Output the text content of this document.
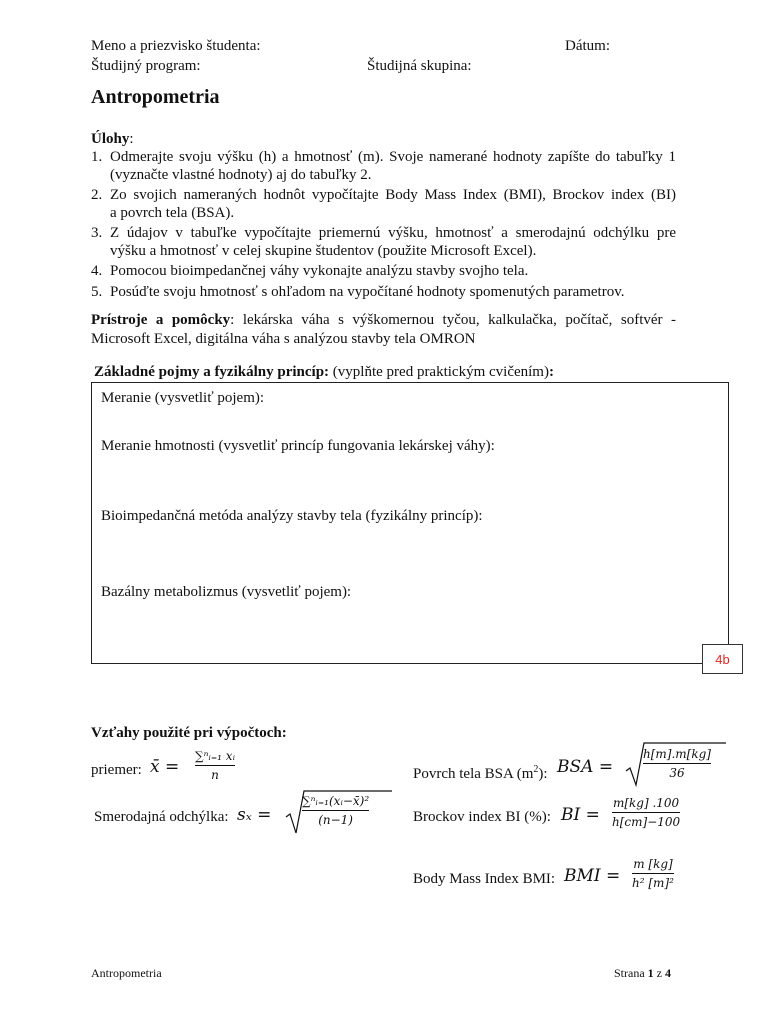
Meno a priezvisko študenta:	Dátum:
Študijný program:	Študijná skupina:
Antropometria
Úlohy:
1. Odmerajte svoju výšku (h) a hmotnosť (m). Svoje namerané hodnoty zapíšte do tabuľky 1
(vyznačte vlastné hodnoty) aj do tabuľky 2.
2. Zo svojich nameraných hodnôt vypočítajte Body Mass Index (BMI), Brockov index (BI)
a povrch tela (BSA).
3. Z údajov v tabuľke vypočítajte priemernú výšku, hmotnosť a smerodajnú odchýlku pre
výšku a hmotnosť v celej skupine študentov (použite Microsoft Excel).
4. Pomocou bioimpedančnej váhy vykonajte analýzu stavby svojho tela.
5. Posúďte svoju hmotnosť s ohľadom na vypočítané hodnoty spomenutých parametrov.
Prístroje a pomôcky: lekárska váha s výškomernou tyčou, kalkulačka, počítač, softvér -
Microsoft Excel, digitálna váha s analýzou stavby tela OMRON
Základné pojmy a fyzikálny princíp: (vyplňte pred praktickým cvičením):
Meranie (vysvetliť pojem):
Meranie hmotnosti (vysvetliť princíp fungovania lekárskej váhy):
Bioimpedančná metóda analýzy stavby tela (fyzikálny princíp):
Bazálny metabolizmus (vysvetliť pojem):
4b
Vzťahy použité pri výpočtoch:
priemer: x̄ =
∑ⁿᵢ₌₁ xᵢ
n
Smerodajná odchýlka: sₓ =
∑ⁿᵢ₌₁(xᵢ−x̄)²
(n−1)
Povrch tela BSA $(m^2)$: BSA =
h[m].m[kg]
36
Brockov index BI (%): BI =
m[kg] .100
h[cm]−100
Body Mass Index BMI: BMI =
m [kg]
h² [m]²
Antropometria	Strana 1 z 4
